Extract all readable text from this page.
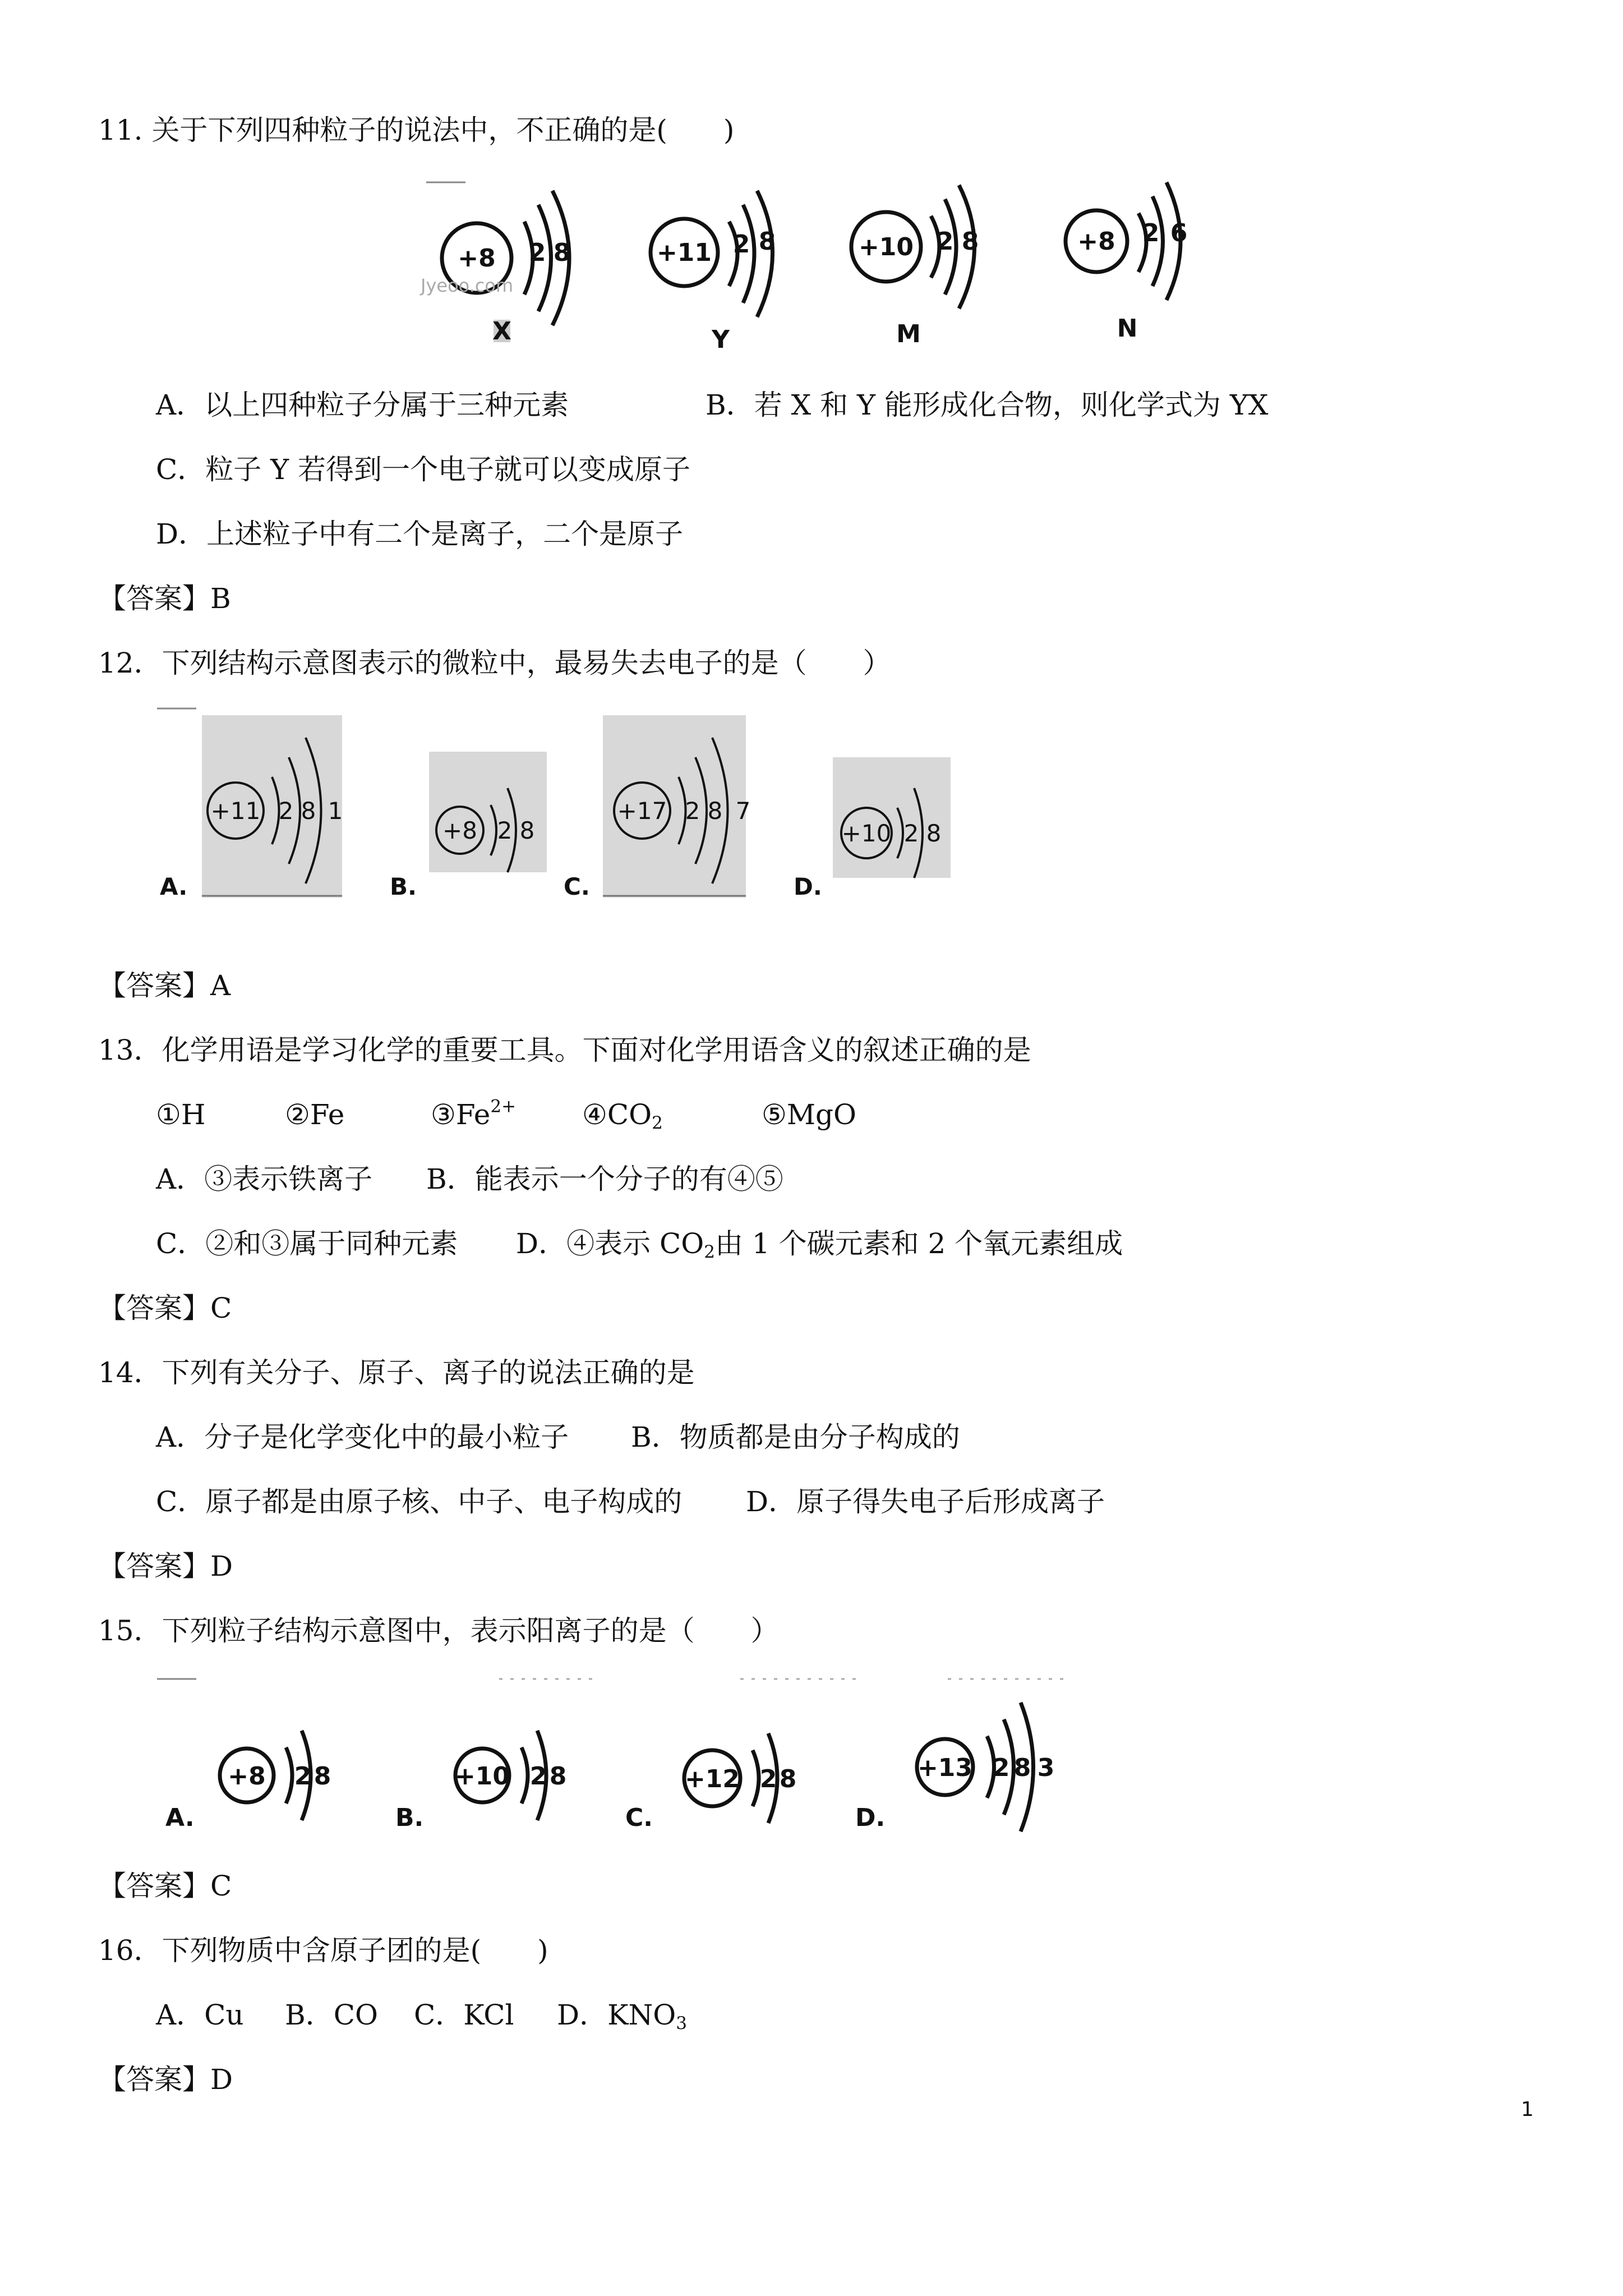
11. 关于下列四种粒子的说法中，不正确的是(　　)
+8 2 8	+11 2 8	+10 2 8	+8 2 6
Jyeoo.com
X	Y	M	N
A．以上四种粒子分属于三种元素	B．若 X 和 Y 能形成化合物，则化学式为 YX
C．粒子 Y 若得到一个电子就可以变成原子
D．上述粒子中有二个是离子，二个是原子
【答案】B
12．下列结构示意图表示的微粒中，最易失去电子的是（　　）
+11 2 8 1
+8 2 8
+17 2 8 7
+10 2 8
A.	B.	C.	D.
【答案】A
13．化学用语是学习化学的重要工具。下面对化学用语含义的叙述正确的是
①H	②Fe	$③Fe^{2+}$ $④CO_2$	⑤MgO
A．③表示铁离子 B．能表示一个分子的有④⑤
C．②和③属于同种元素 D．④表示 $CO_2$由 1 个碳元素和 2 个氧元素组成
【答案】C
14．下列有关分子、原子、离子的说法正确的是
A．分子是化学变化中的最小粒子 B．物质都是由分子构成的
C．原子都是由原子核、中子、电子构成的 D．原子得失电子后形成离子
【答案】D
15．下列粒子结构示意图中，表示阳离子的是（　　）
+8 2 8	+10 2 8	+12 2 8	+13 2 8 3
A.	B.	C.	D.
【答案】C
16．下列物质中含原子团的是(　　)
A．Cu B．CO C．KCl D．$KNO_3$
【答案】D
1
